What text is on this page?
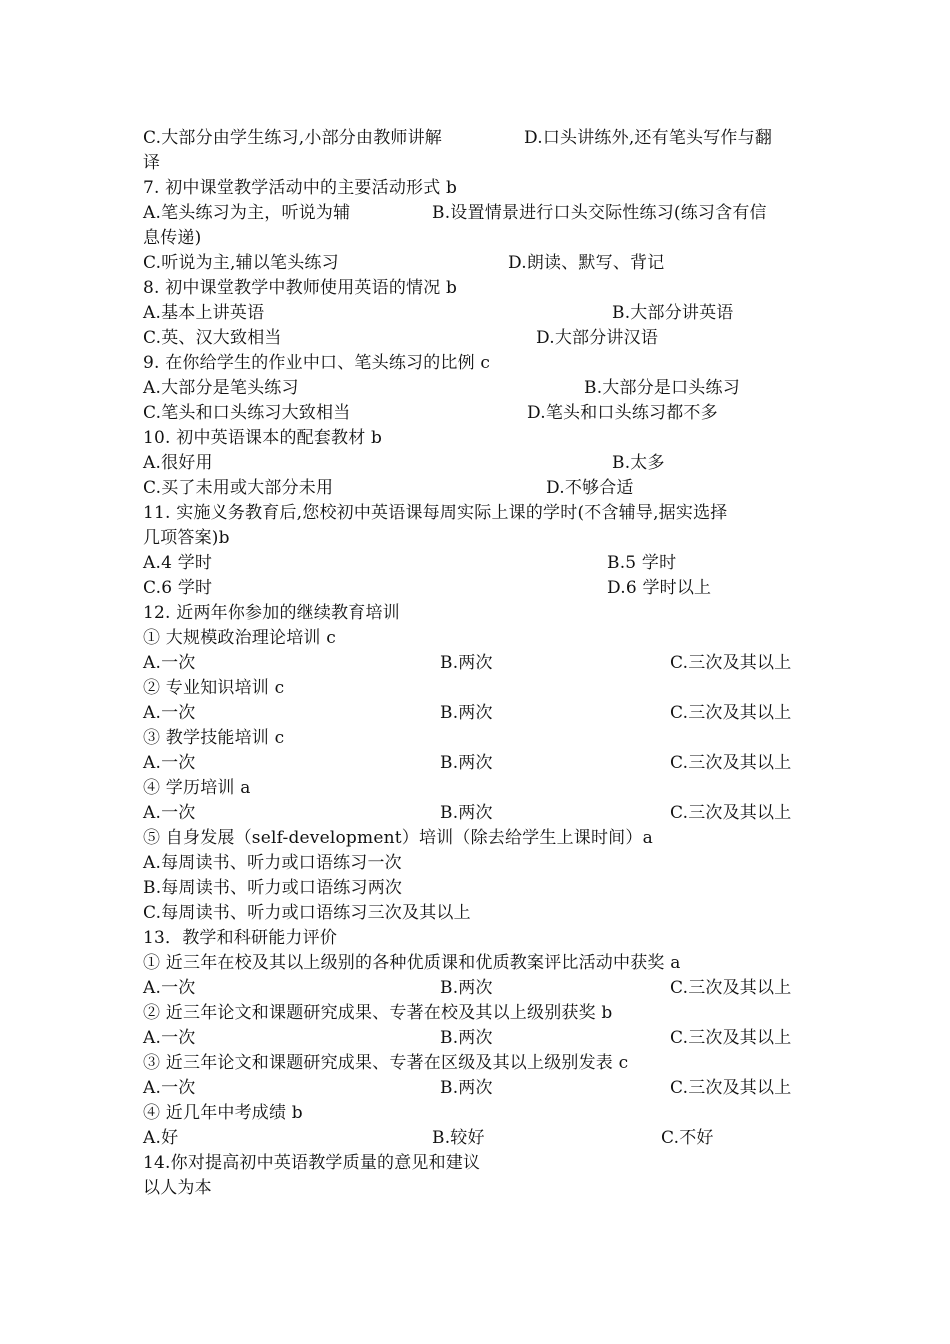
C.大部分由学生练习,小部分由教师讲解	D.口头讲练外,还有笔头写作与翻
译
7. 初中课堂教学活动中的主要活动形式 b
A.笔头练习为主，听说为辅	B.设置情景进行口头交际性练习(练习含有信
息传递)
C.听说为主,辅以笔头练习	D.朗读、默写、背记
8. 初中课堂教学中教师使用英语的情况 b
A.基本上讲英语	B.大部分讲英语
C.英、汉大致相当	D.大部分讲汉语
9. 在你给学生的作业中口、笔头练习的比例 c
A.大部分是笔头练习	B.大部分是口头练习
C.笔头和口头练习大致相当	D.笔头和口头练习都不多
10. 初中英语课本的配套教材 b
A.很好用	B.太多
C.买了未用或大部分未用	D.不够合适
11. 实施义务教育后,您校初中英语课每周实际上课的学时(不含辅导,据实选择
几项答案)b
A.4 学时	B.5 学时
C.6 学时	D.6 学时以上
12. 近两年你参加的继续教育培训
① 大规模政治理论培训 c
A.一次	B.两次	C.三次及其以上
② 专业知识培训 c
A.一次	B.两次	C.三次及其以上
③ 教学技能培训 c
A.一次	B.两次	C.三次及其以上
④ 学历培训 a
A.一次	B.两次	C.三次及其以上
⑤ 自身发展（self-development）培训（除去给学生上课时间）a
A.每周读书、听力或口语练习一次
B.每周读书、听力或口语练习两次
C.每周读书、听力或口语练习三次及其以上
13．教学和科研能力评价
① 近三年在校及其以上级别的各种优质课和优质教案评比活动中获奖 a
A.一次	B.两次	C.三次及其以上
② 近三年论文和课题研究成果、专著在校及其以上级别获奖 b
A.一次	B.两次	C.三次及其以上
③ 近三年论文和课题研究成果、专著在区级及其以上级别发表 c
A.一次	B.两次	C.三次及其以上
④ 近几年中考成绩 b
A.好	B.较好	C.不好
14.你对提高初中英语教学质量的意见和建议
以人为本
